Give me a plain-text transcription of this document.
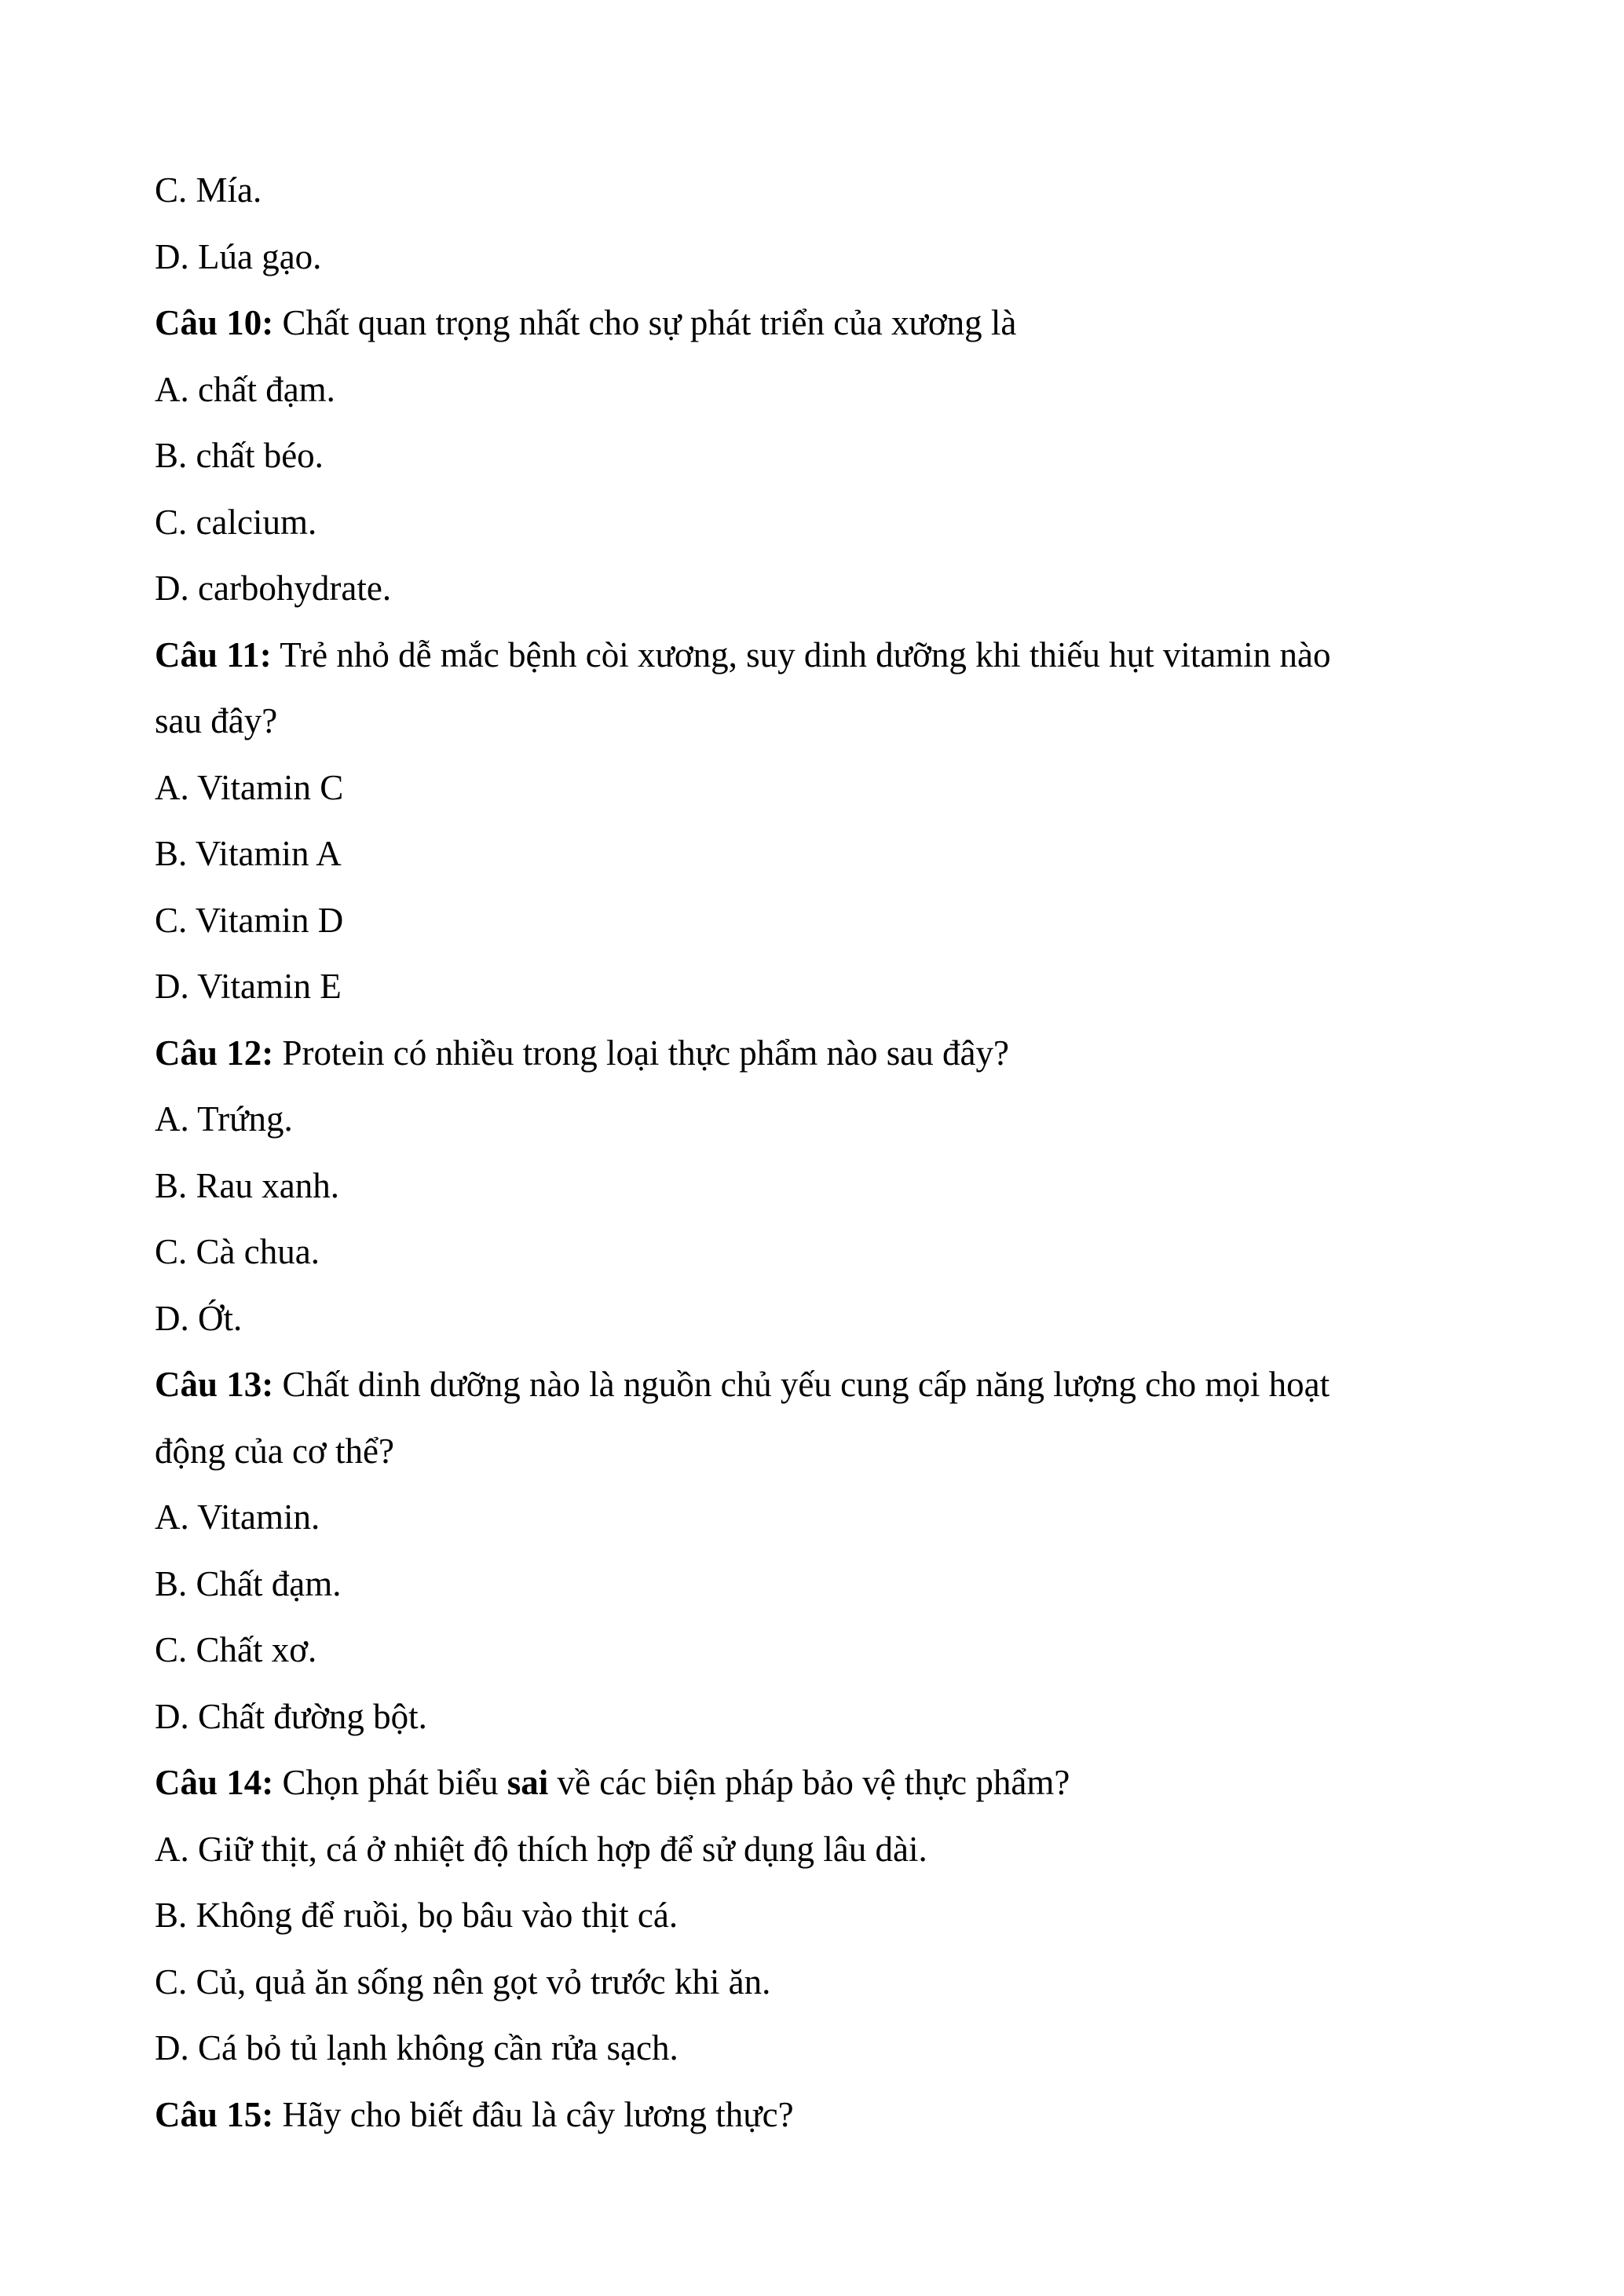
C. Mía.
D. Lúa gạo.
Câu 10: Chất quan trọng nhất cho sự phát triển của xương là
A. chất đạm.
B. chất béo.
C. calcium.
D. carbohydrate.
Câu 11: Trẻ nhỏ dễ mắc bệnh còi xương, suy dinh dưỡng khi thiếu hụt vitamin nào
sau đây?
A. Vitamin C
B. Vitamin A
C. Vitamin D
D. Vitamin E
Câu 12: Protein có nhiều trong loại thực phẩm nào sau đây?
A. Trứng.
B. Rau xanh.
C. Cà chua.
D. Ớt.
Câu 13: Chất dinh dưỡng nào là nguồn chủ yếu cung cấp năng lượng cho mọi hoạt
động của cơ thể?
A. Vitamin.
B. Chất đạm.
C. Chất xơ.
D. Chất đường bột.
Câu 14: Chọn phát biểu sai về các biện pháp bảo vệ thực phẩm?
A. Giữ thịt, cá ở nhiệt độ thích hợp để sử dụng lâu dài.
B. Không để ruồi, bọ bâu vào thịt cá.
C. Củ, quả ăn sống nên gọt vỏ trước khi ăn.
D. Cá bỏ tủ lạnh không cần rửa sạch.
Câu 15: Hãy cho biết đâu là cây lương thực?
